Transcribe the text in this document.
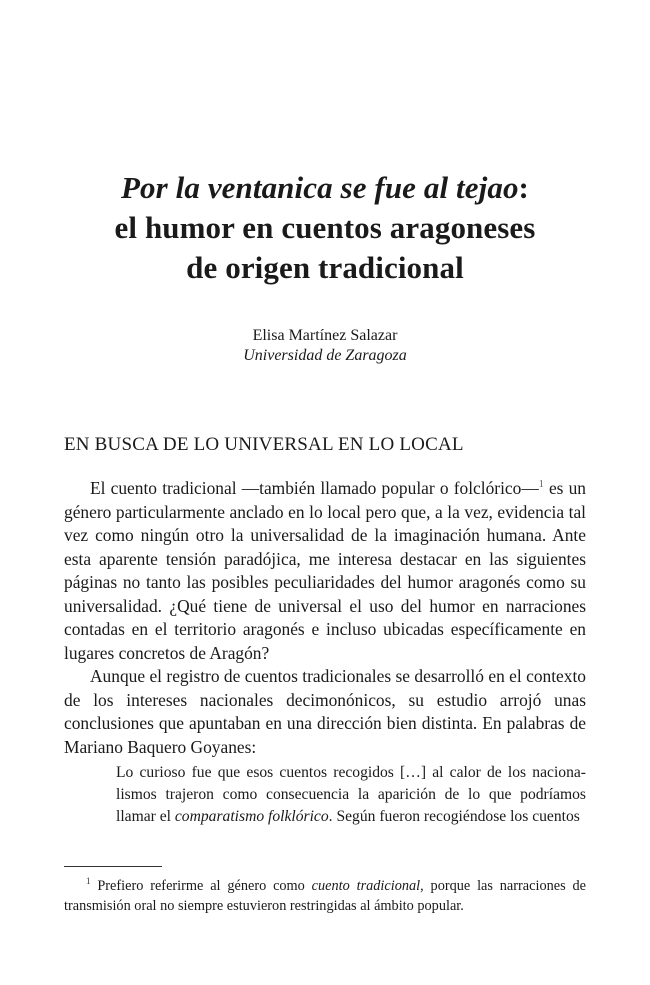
Por la ventanica se fue al tejao:

el humor en cuentos aragoneses

de origen tradicional

Elisa Martínez Salazar
Universidad de Zaragoza
EN BUSCA DE LO UNIVERSAL EN LO LOCAL

El cuento tradicional —también llamado popular o folclórico—$^1$ es un género particularmente anclado en lo local pero que, a la vez, evidencia tal vez como ningún otro la universalidad de la imaginación humana. Ante esta aparente tensión paradójica, me interesa destacar en las siguientes páginas no tanto las posibles peculiaridades del humor aragonés como su universalidad. ¿Qué tiene de universal el uso del humor en narraciones contadas en el territorio aragonés e incluso ubicadas específicamente en lugares concretos de Aragón?

Aunque el registro de cuentos tradicionales se desarrolló en el contexto de los intereses nacionales decimonónicos, su estudio arrojó unas conclusiones que apuntaban en una dirección bien distinta. En palabras de Mariano Baquero Goyanes:

Lo curioso fue que esos cuentos recogidos […] al calor de los nacionalismos trajeron como consecuencia la aparición de lo que podríamos llamar el comparatismo folklórico. Según fueron recogiéndose los cuentos

$^1$ Prefiero referirme al género como cuento tradicional, porque las narraciones de transmisión oral no siempre estuvieron restringidas al ámbito popular.
